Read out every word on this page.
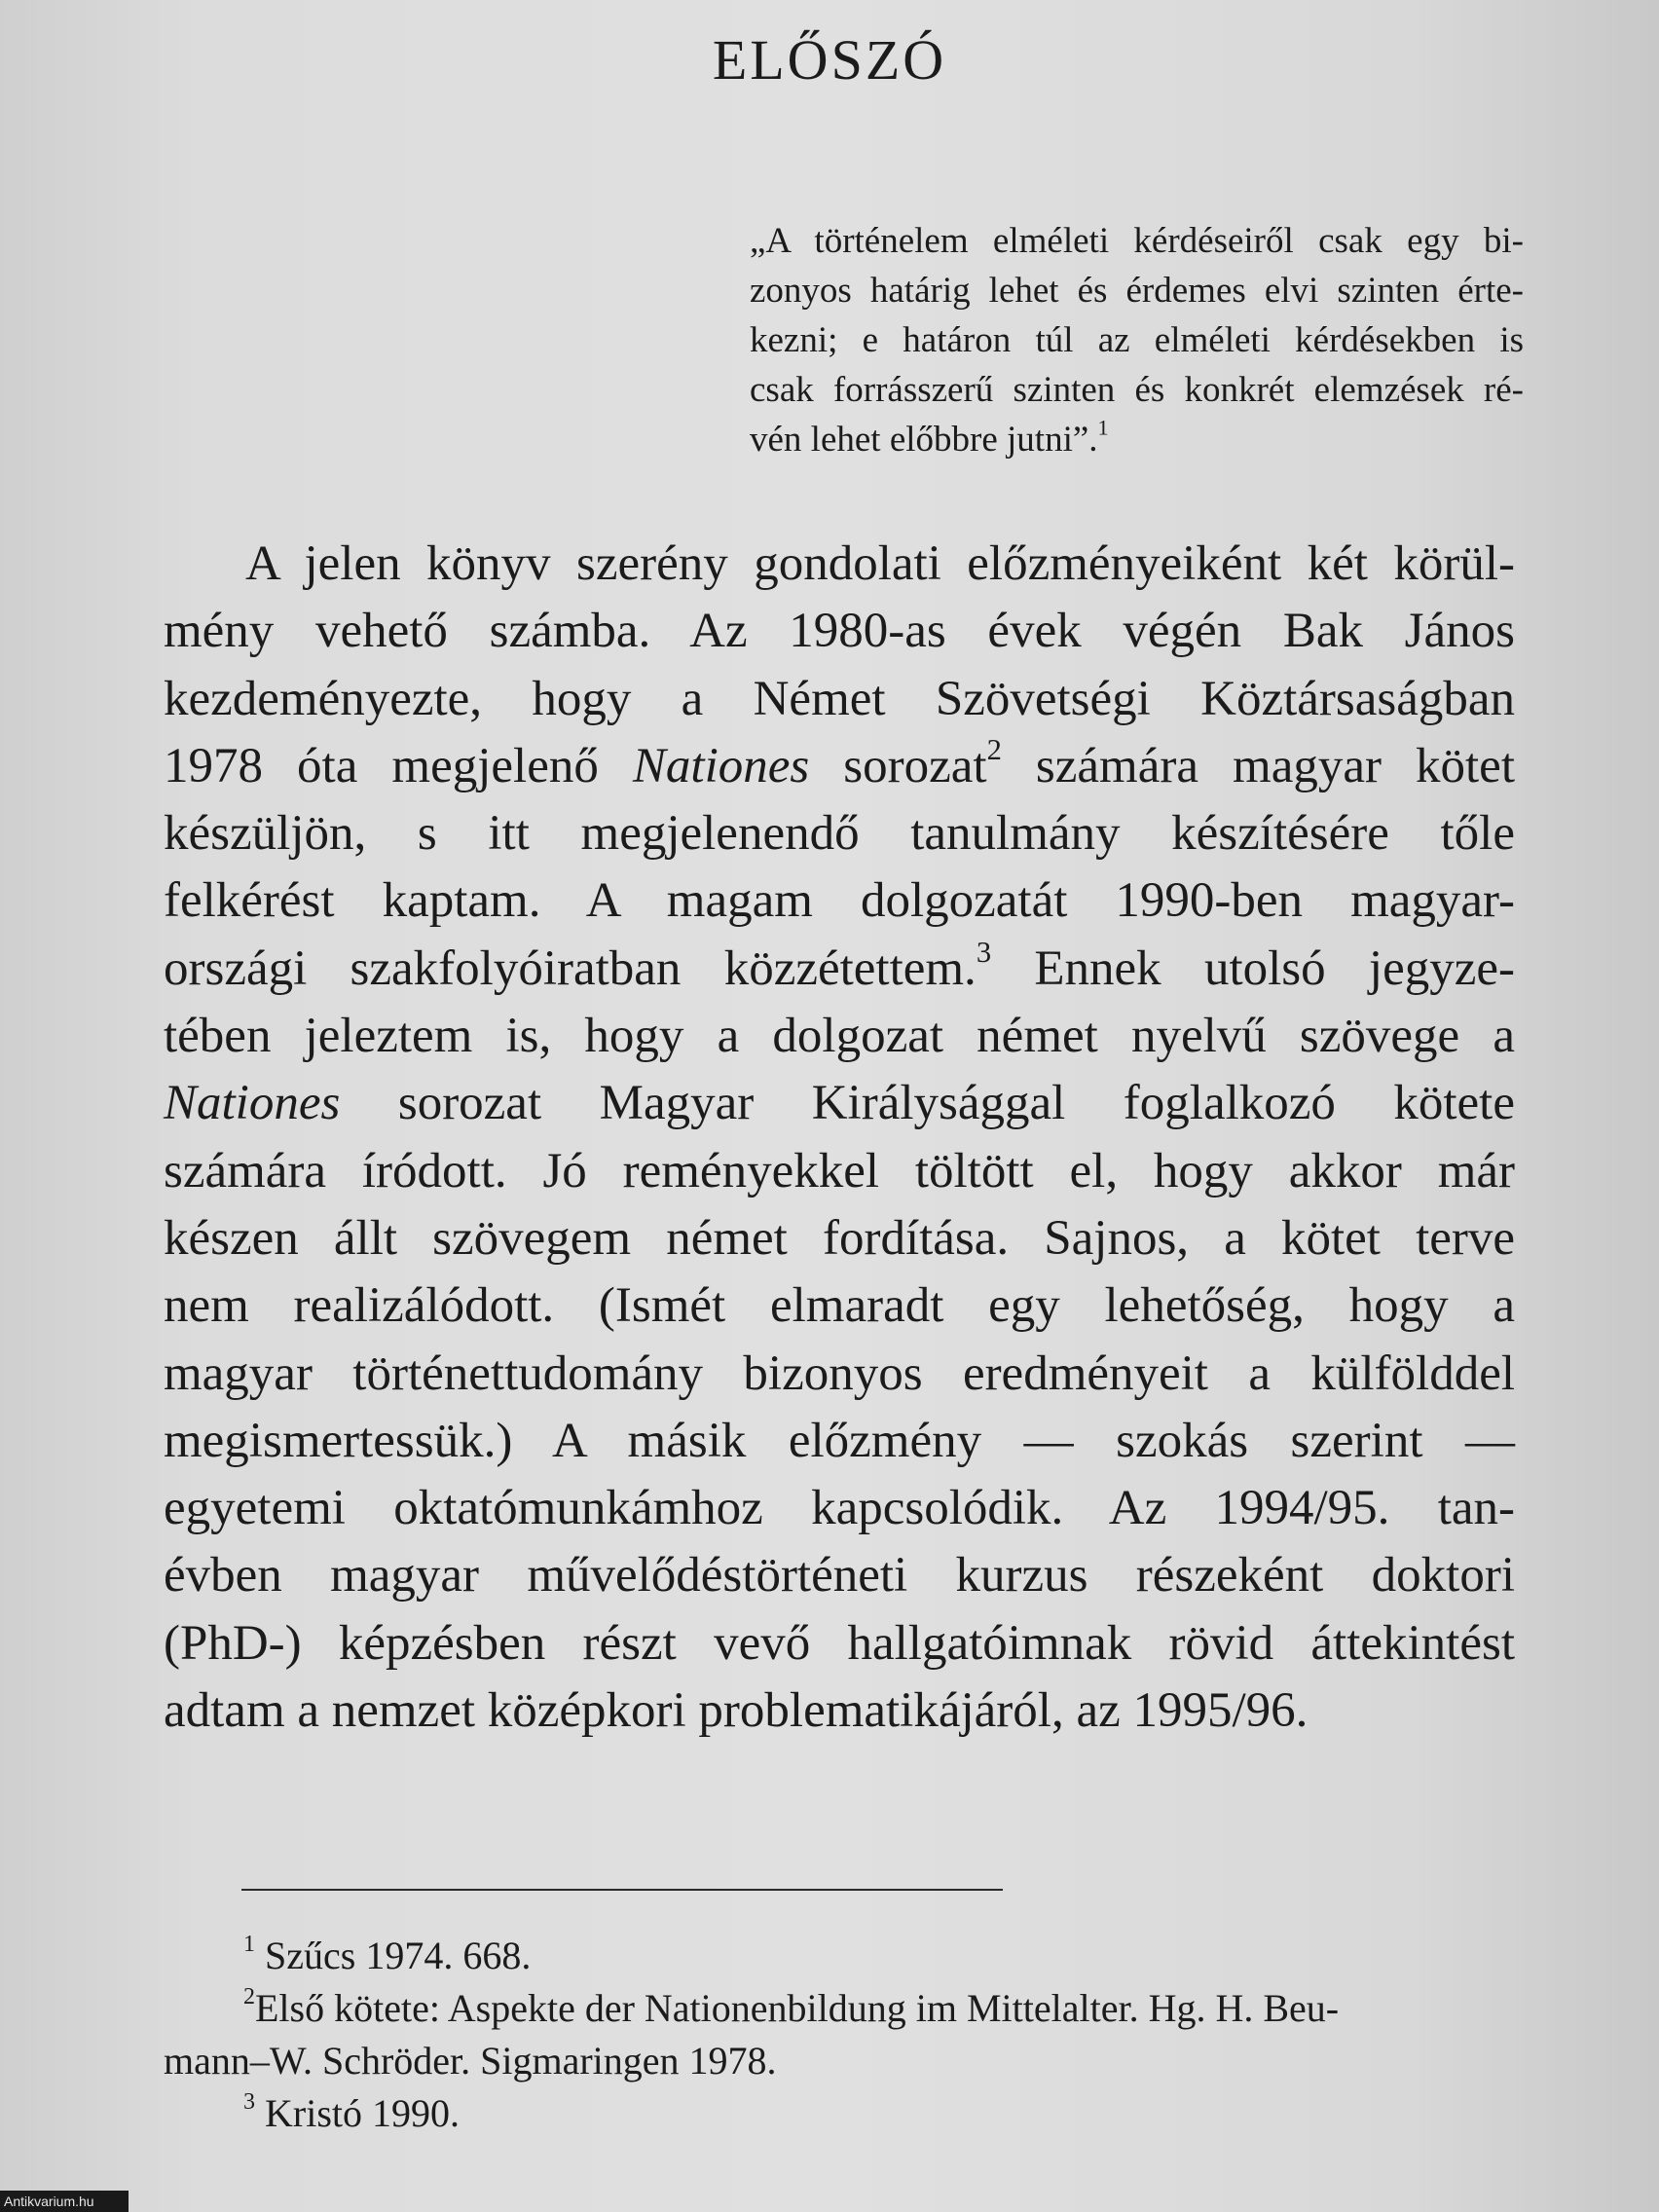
ELŐSZÓ
„A történelem elméleti kérdéseiről csak egy bi-
zonyos határig lehet és érdemes elvi szinten érte-
kezni; e határon túl az elméleti kérdésekben is
csak forrásszerű szinten és konkrét elemzések ré-
vén lehet előbbre jutni”.$^1$
A jelen könyv szerény gondolati előzményeiként két körül-
mény vehető számba. Az 1980-as évek végén Bak János
kezdeményezte, hogy a Német Szövetségi Köztársaságban
1978 óta megjelenő Nationes sorozat$^2$ számára magyar kötet
készüljön, s itt megjelenendő tanulmány készítésére tőle
felkérést kaptam. A magam dolgozatát 1990-ben magyar-
országi szakfolyóiratban közzétettem.$^3$ Ennek utolsó jegyze-
tében jeleztem is, hogy a dolgozat német nyelvű szövege a
Nationes sorozat Magyar Királysággal foglalkozó kötete
számára íródott. Jó reményekkel töltött el, hogy akkor már
készen állt szövegem német fordítása. Sajnos, a kötet terve
nem realizálódott. (Ismét elmaradt egy lehetőség, hogy a
magyar történettudomány bizonyos eredményeit a külfölddel
megismertessük.) A másik előzmény — szokás szerint —
egyetemi oktatómunkámhoz kapcsolódik. Az 1994/95. tan-
évben magyar művelődéstörténeti kurzus részeként doktori
(PhD-) képzésben részt vevő hallgatóimnak rövid áttekintést
adtam a nemzet középkori problematikájáról, az 1995/96.
$^1$ Szűcs 1974. 668.
$^2$Első kötete: Aspekte der Nationenbildung im Mittelalter. Hg. H. Beu-
mann–W. Schröder. Sigmaringen 1978.
$^3$ Kristó 1990.
Antikvarium.hu
